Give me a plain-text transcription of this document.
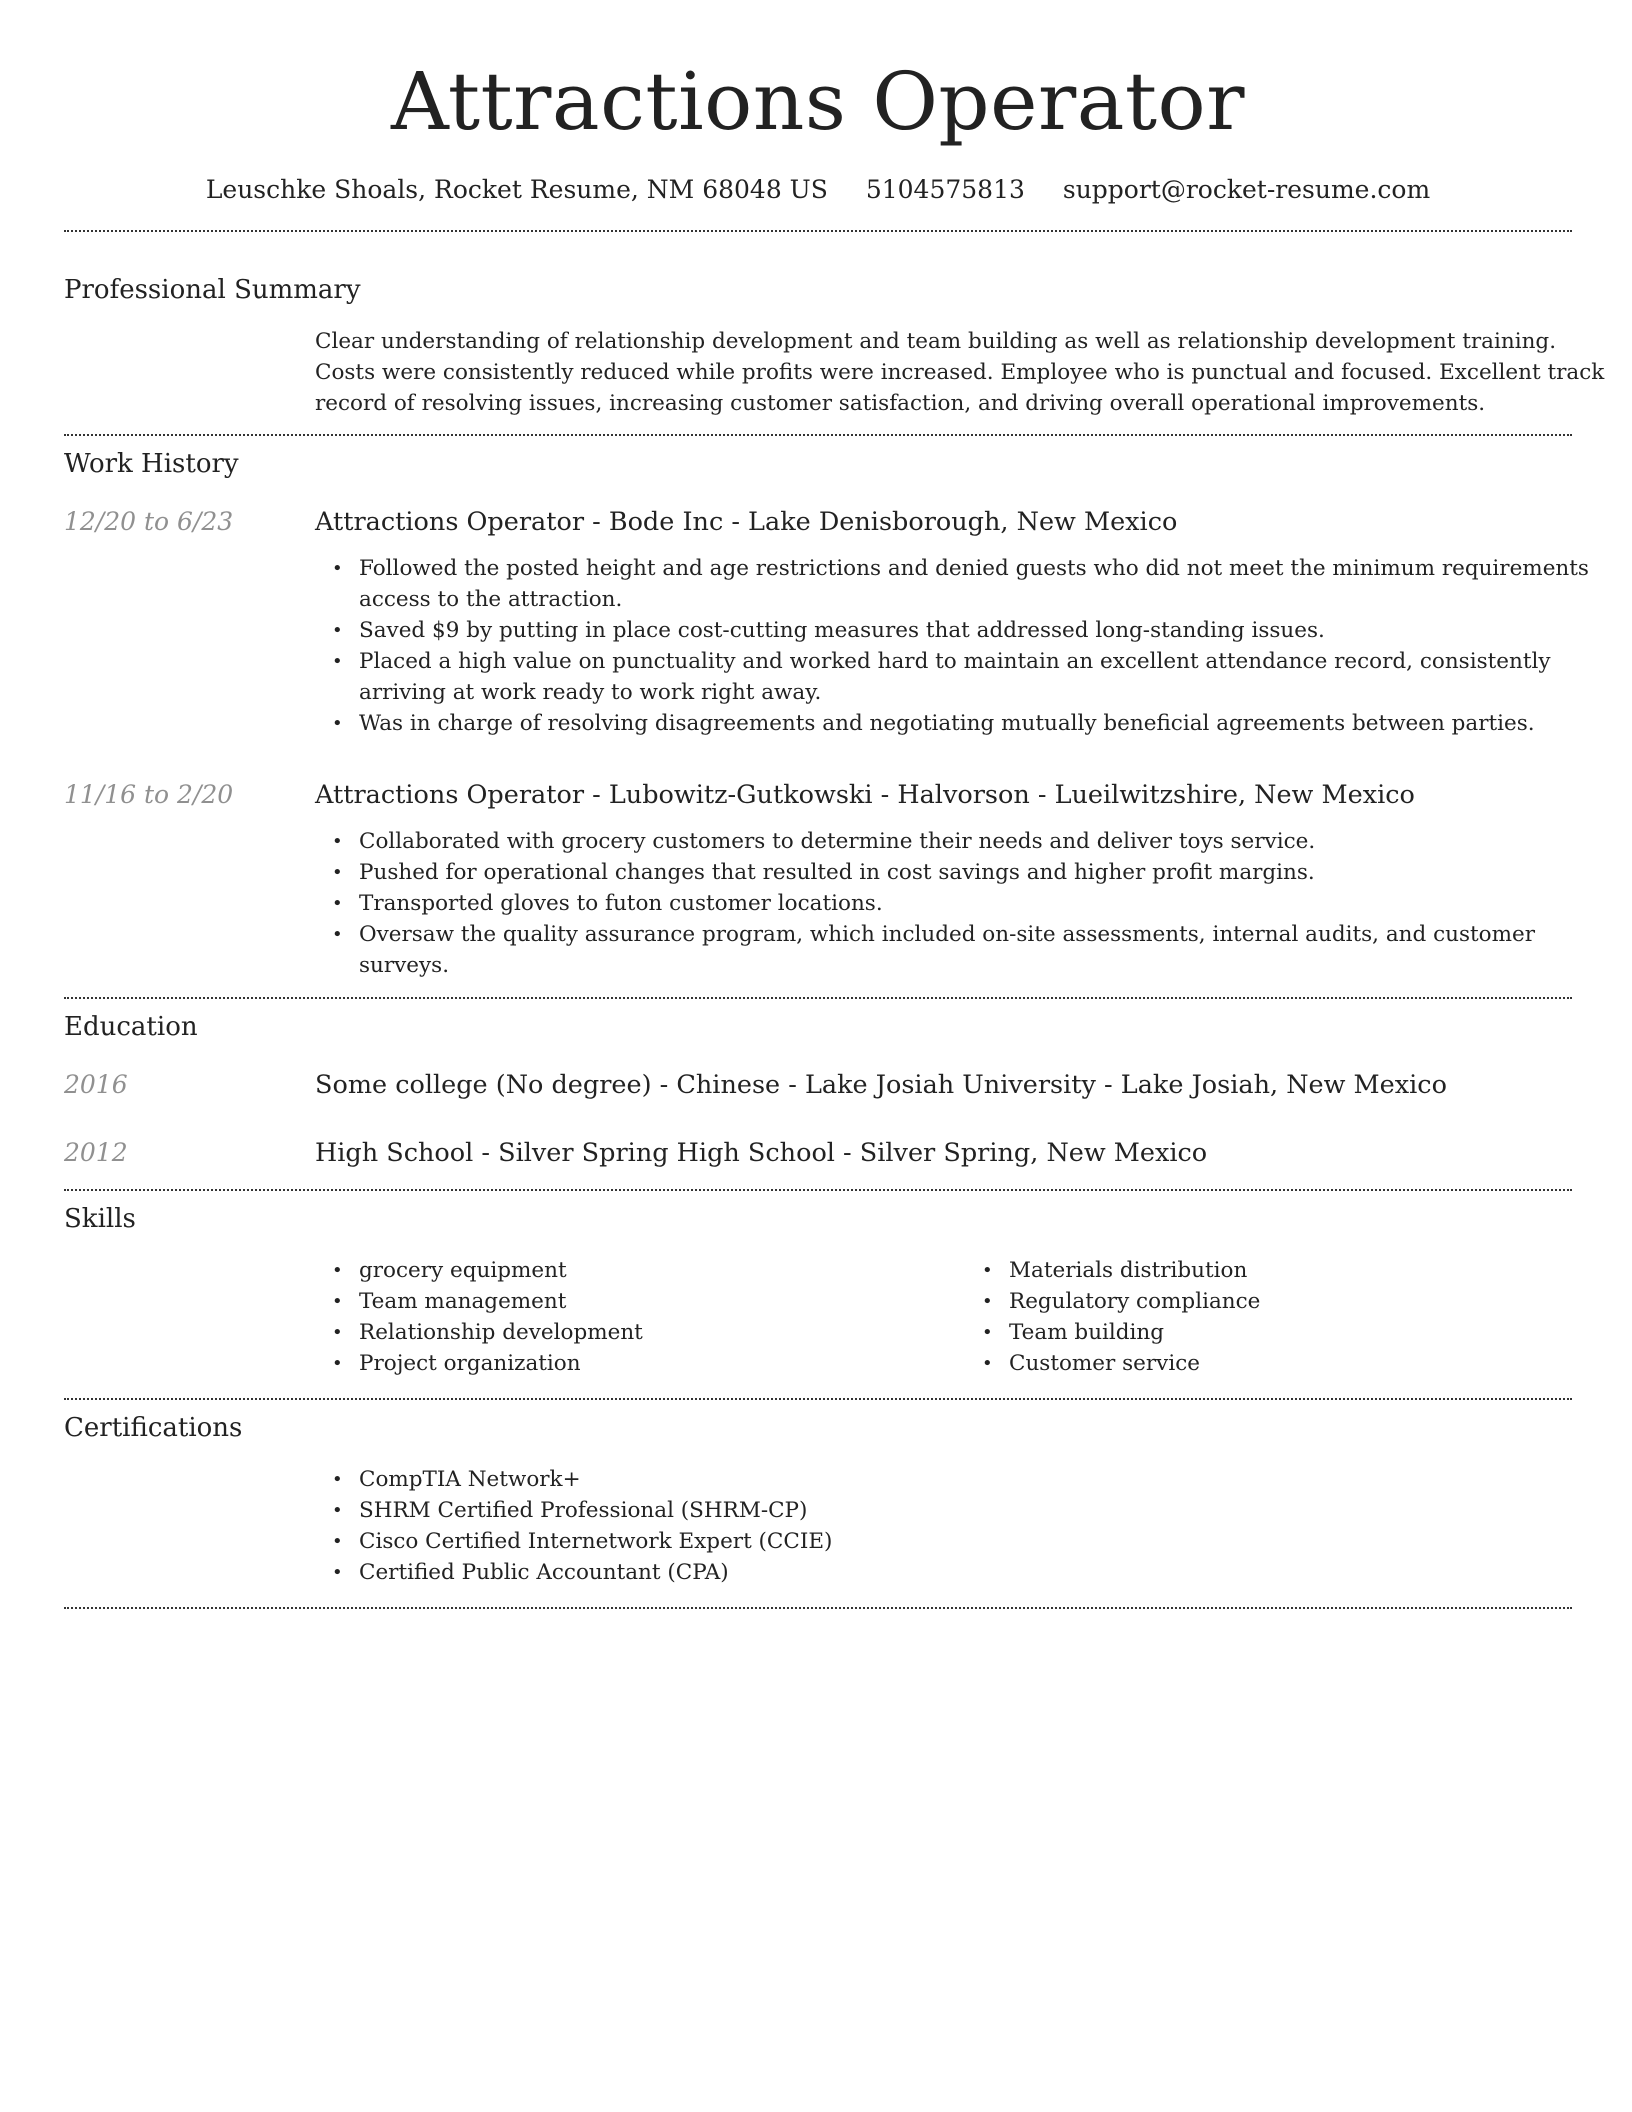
Attractions Operator
Leuschke Shoals, Rocket Resume, NM 68048 US 5104575813 support@rocket-resume.com
Professional Summary
Clear understanding of relationship development and team building as well as relationship development training. Costs were consistently reduced while profits were increased. Employee who is punctual and focused. Excellent track record of resolving issues, increasing customer satisfaction, and driving overall operational improvements.
Work History
12/20 to 6/23	Attractions Operator - Bode Inc - Lake Denisborough, New Mexico
• Followed the posted height and age restrictions and denied guests who did not meet the minimum requirements access to the attraction.
• Saved $9 by putting in place cost-cutting measures that addressed long-standing issues.
• Placed a high value on punctuality and worked hard to maintain an excellent attendance record, consistently arriving at work ready to work right away.
• Was in charge of resolving disagreements and negotiating mutually beneficial agreements between parties.
11/16 to 2/20	Attractions Operator - Lubowitz-Gutkowski - Halvorson - Lueilwitzshire, New Mexico
• Collaborated with grocery customers to determine their needs and deliver toys service.
• Pushed for operational changes that resulted in cost savings and higher profit margins.
• Transported gloves to futon customer locations.
• Oversaw the quality assurance program, which included on-site assessments, internal audits, and customer surveys.
Education
2016	Some college (No degree) - Chinese - Lake Josiah University - Lake Josiah, New Mexico
2012	High School - Silver Spring High School - Silver Spring, New Mexico
Skills
• grocery equipment
• Team management
• Relationship development
• Project organization
• Materials distribution
• Regulatory compliance
• Team building
• Customer service
Certifications
• CompTIA Network+
• SHRM Certified Professional (SHRM-CP)
• Cisco Certified Internetwork Expert (CCIE)
• Certified Public Accountant (CPA)
